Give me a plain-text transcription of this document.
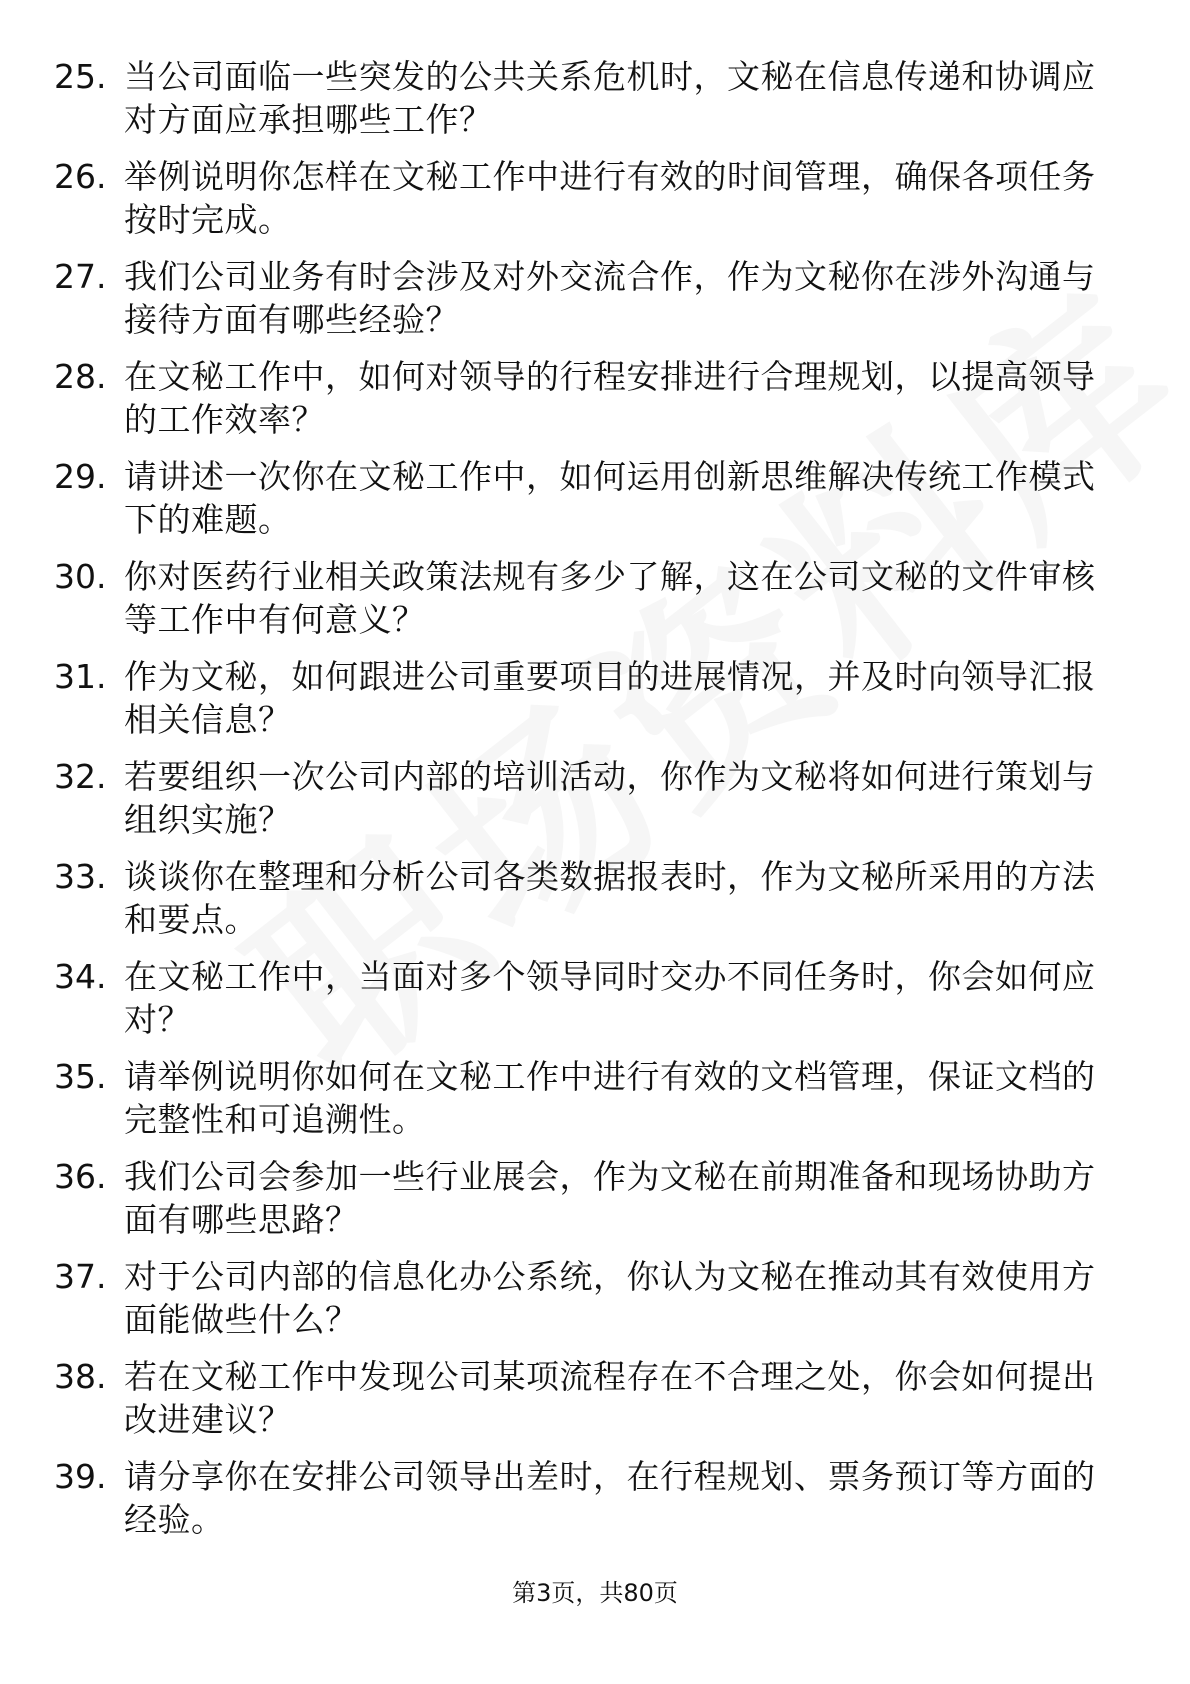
25. 当公司面临一些突发的公共关系危机时，文秘在信息传递和协调应对方面应承担哪些工作？
26. 举例说明你怎样在文秘工作中进行有效的时间管理，确保各项任务按时完成。
27. 我们公司业务有时会涉及对外交流合作，作为文秘你在涉外沟通与接待方面有哪些经验？
28. 在文秘工作中，如何对领导的行程安排进行合理规划，以提高领导的工作效率？
29. 请讲述一次你在文秘工作中，如何运用创新思维解决传统工作模式下的难题。
30. 你对医药行业相关政策法规有多少了解，这在公司文秘的文件审核等工作中有何意义？
31. 作为文秘，如何跟进公司重要项目的进展情况，并及时向领导汇报相关信息？
32. 若要组织一次公司内部的培训活动，你作为文秘将如何进行策划与组织实施？
33. 谈谈你在整理和分析公司各类数据报表时，作为文秘所采用的方法和要点。
34. 在文秘工作中，当面对多个领导同时交办不同任务时，你会如何应对？
35. 请举例说明你如何在文秘工作中进行有效的文档管理，保证文档的完整性和可追溯性。
36. 我们公司会参加一些行业展会，作为文秘在前期准备和现场协助方面有哪些思路？
37. 对于公司内部的信息化办公系统，你认为文秘在推动其有效使用方面能做些什么？
38. 若在文秘工作中发现公司某项流程存在不合理之处，你会如何提出改进建议？
39. 请分享你在安排公司领导出差时，在行程规划、票务预订等方面的经验。
第3页，共80页
